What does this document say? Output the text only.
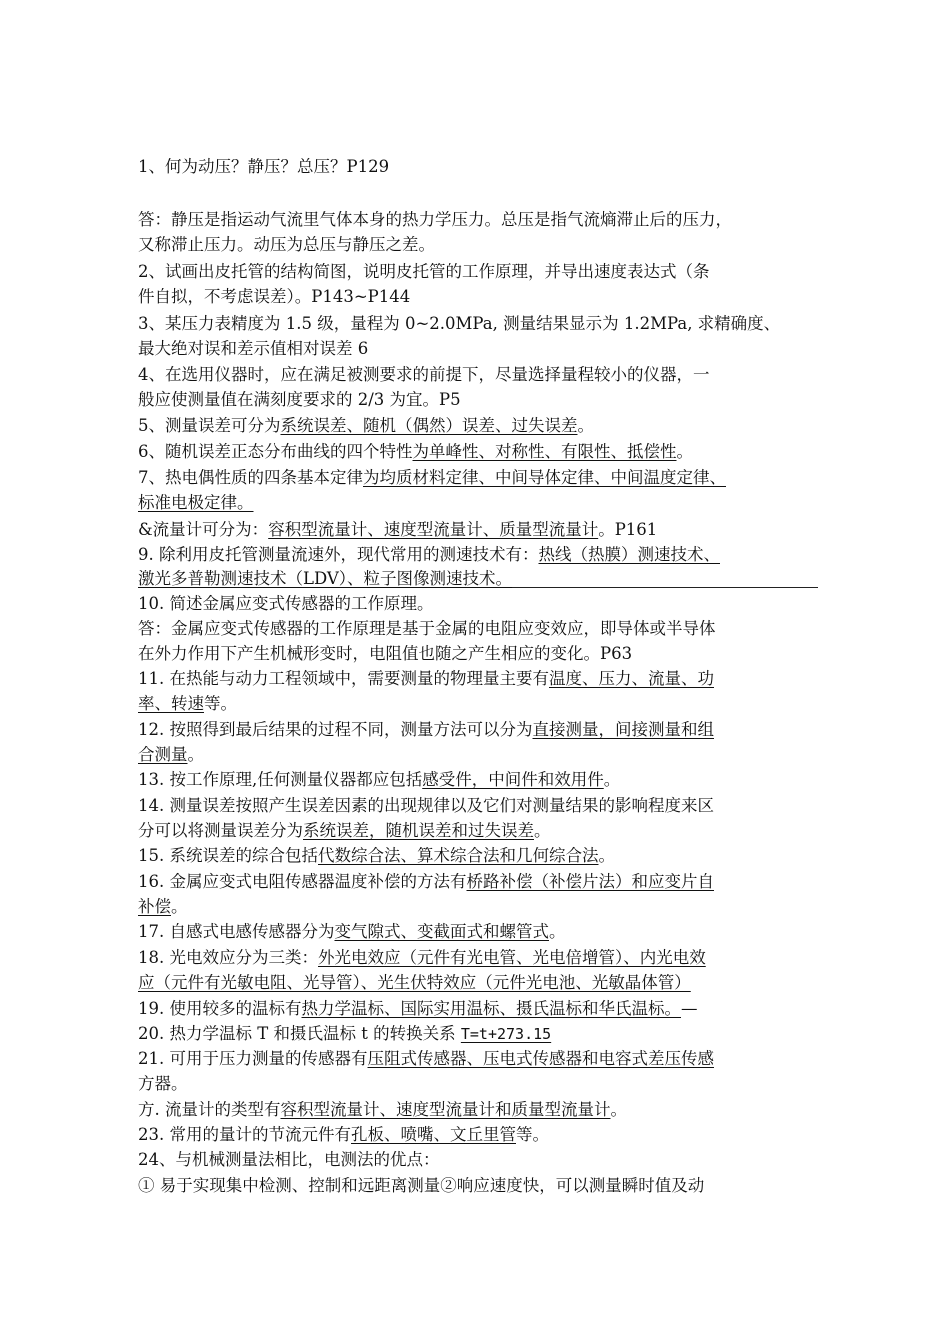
1、何为动压？静压？总压？P129
答：静压是指运动气流里气体本身的热力学压力。总压是指气流熵滞止后的压力，
又称滞止压力。动压为总压与静压之差。
2、试画出皮托管的结构简图，说明皮托管的工作原理，并导出速度表达式（条
件自拟，不考虑误差）。P143~P144
3、某压力表精度为 1.5 级，量程为 0~2.0MPa, 测量结果显示为 1.2MPa, 求精确度、
最大绝对误和差示值相对误差 6
4、在选用仪器时，应在满足被测要求的前提下，尽量选择量程较小的仪器，一
般应使测量值在满刻度要求的 2/3 为宜。P5
5、测量误差可分为系统误差、随机（偶然）误差、过失误差。
6、随机误差正态分布曲线的四个特性为单峰性、对称性、有限性、抵偿性。
7、热电偶性质的四条基本定律为均质材料定律、中间导体定律、中间温度定律、
标准电极定律。
&流量计可分为：容积型流量计、速度型流量计、质量型流量计。P161
9. 除利用皮托管测量流速外，现代常用的测速技术有：热线（热膜）测速技术、
激光多普勒测速技术（LDV）、粒子图像测速技术。
10. 简述金属应变式传感器的工作原理。
答：金属应变式传感器的工作原理是基于金属的电阻应变效应，即导体或半导体
在外力作用下产生机械形变时，电阻值也随之产生相应的变化。P63
11. 在热能与动力工程领域中，需要测量的物理量主要有温度、压力、流量、功
率、转速等。
12. 按照得到最后结果的过程不同，测量方法可以分为直接测量，间接测量和组
合测量。
13. 按工作原理,任何测量仪器都应包括感受件，中间件和效用件。
14. 测量误差按照产生误差因素的出现规律以及它们对测量结果的影响程度来区
分可以将测量误差分为系统误差，随机误差和过失误差。
15. 系统误差的综合包括代数综合法、算术综合法和几何综合法。
16. 金属应变式电阻传感器温度补偿的方法有桥路补偿（补偿片法）和应变片自
补偿。
17. 自感式电感传感器分为变气隙式、变截面式和螺管式。
18. 光电效应分为三类：外光电效应（元件有光电管、光电倍增管）、内光电效
应（元件有光敏电阻、光导管）、光生伏特效应（元件光电池、光敏晶体管）
19. 使用较多的温标有热力学温标、国际实用温标、摄氏温标和华氏温标。—
20. 热力学温标 T 和摄氏温标 t 的转换关系 T=t+273.15
21. 可用于压力测量的传感器有压阻式传感器、压电式传感器和电容式差压传感
方器。
方. 流量计的类型有容积型流量计、速度型流量计和质量型流量计。
23. 常用的量计的节流元件有孔板、喷嘴、文丘里管等。
24、与机械测量法相比，电测法的优点：
① 易于实现集中检测、控制和远距离测量②响应速度快，可以测量瞬时值及动
